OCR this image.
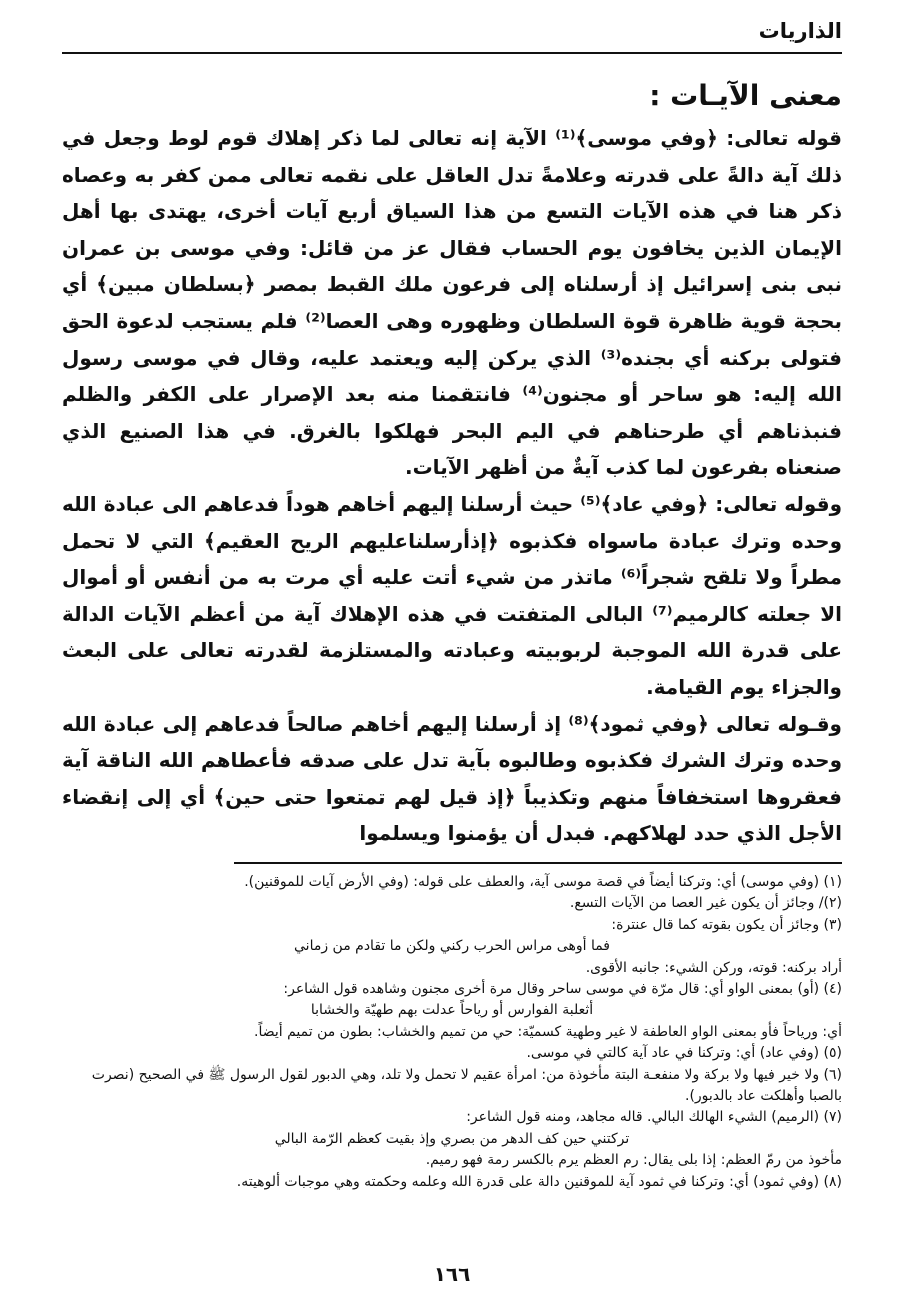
الذاريات
معنى الآيـات :

قوله تعالى: ﴿وفي موسى﴾⁽¹⁾ الآية إنه تعالى لما ذكر إهلاك قوم لوط وجعل في ذلك آية دالةً على قدرته وعلامةً تدل العاقل على نقمه تعالى ممن كفر به وعصاه ذكر هنا في هذه الآيات التسع من هذا السياق أربع آيات أخرى، يهتدى بها أهل الإيمان الذين يخافون يوم الحساب فقال عز من قائل: وفي موسى بن عمران نبى بنى إسرائيل إذ أرسلناه إلى فرعون ملك القبط بمصر ﴿بسلطان مبين﴾ أي بحجة قوية ظاهرة قوة السلطان وظهوره وهى العصا⁽²⁾ فلم يستجب لدعوة الحق فتولى بركنه أي بجنده⁽³⁾ الذي يركن إليه ويعتمد عليه، وقال في موسى رسول الله إليه: هو ساحر أو مجنون⁽⁴⁾ فانتقمنا منه بعد الإصرار على الكفر والظلم فنبذناهم أي طرحناهم في اليم البحر فهلكوا بالغرق. في هذا الصنيع الذي صنعناه بفرعون لما كذب آيةٌ من أظهر الآيات.

وقوله تعالى: ﴿وفي عاد﴾⁽⁵⁾ حيث أرسلنا إليهم أخاهم هوداً فدعاهم الى عبادة الله وحده وترك عبادة ماسواه فكذبوه ﴿إذأرسلناعليهم الريح العقيم﴾ التي لا تحمل مطراً ولا تلقح شجراً⁽⁶⁾ ماتذر من شيء أتت عليه أي مرت به من أنفس أو أموال الا جعلته كالرميم⁽⁷⁾ البالى المتفتت في هذه الإهلاك آية من أعظم الآيات الدالة على قدرة الله الموجبة لربوبيته وعبادته والمستلزمة لقدرته تعالى على البعث والجزاء يوم القيامة.

وقـوله تعالى ﴿وفي ثمود﴾⁽⁸⁾ إذ أرسلنا إليهم أخاهم صالحاً فدعاهم إلى عبادة الله وحده وترك الشرك فكذبوه وطالبوه بآية تدل على صدقه فأعطاهم الله الناقة آية فعقروها استخفافاً منهم وتكذيباً ﴿إذ قيل لهم تمتعوا حتى حين﴾ أي إلى إنقضاء الأجل الذي حدد لهلاكهم. فبدل أن يؤمنوا ويسلموا

(١) (وفي موسى) أي: وتركنا أيضاً في قصة موسى آية، والعطف على قوله: (وفي الأرض آيات للموقنين).

(٢)/ وجائز أن يكون غير العصا من الآيات التسع.

(٣) وجائز أن يكون بقوته كما قال عنترة:

فما أوهى مراس الحرب ركني ولكن ما تقادم من زماني

أراد بركنه: قوته، وركن الشيء: جانبه الأقوى.

(٤) (أو) بمعنى الواو أي: قال مرّة في موسى ساحر وقال مرة أخرى مجنون وشاهده قول الشاعر:

أثعلبة الفوارس أو رياحاً عدلت بهم طهيّة والخشابا

أي: ورياحاً فأو بمعنى الواو العاطفة لا غير وطهية كسميّة: حي من تميم والخشاب: بطون من تميم أيضاً.

(٥) (وفي عاد) أي: وتركنا في عاد آية كالتي في موسى.

(٦) ولا خير فيها ولا بركة ولا منفعـة البتة مأخوذة من: امرأة عقيم لا تحمل ولا تلد، وهي الدبور لقول الرسول ﷺ في الصحيح (نصرت بالصبا وأهلكت عاد بالدبور).

(٧) (الرميم) الشيء الهالك البالي. قاله مجاهد، ومنه قول الشاعر:

تركتني حين كف الدهر من بصري وإذ بقيت كعظم الرّمة البالي

مأخوذ من رمّ العظم: إذا بلى يقال: رم العظم يرم بالكسر رمة فهو رميم.

(٨) (وفي ثمود) أي: وتركنا في ثمود آية للموقنين دالة على قدرة الله وعلمه وحكمته وهي موجبات ألوهيته.

١٦٦
